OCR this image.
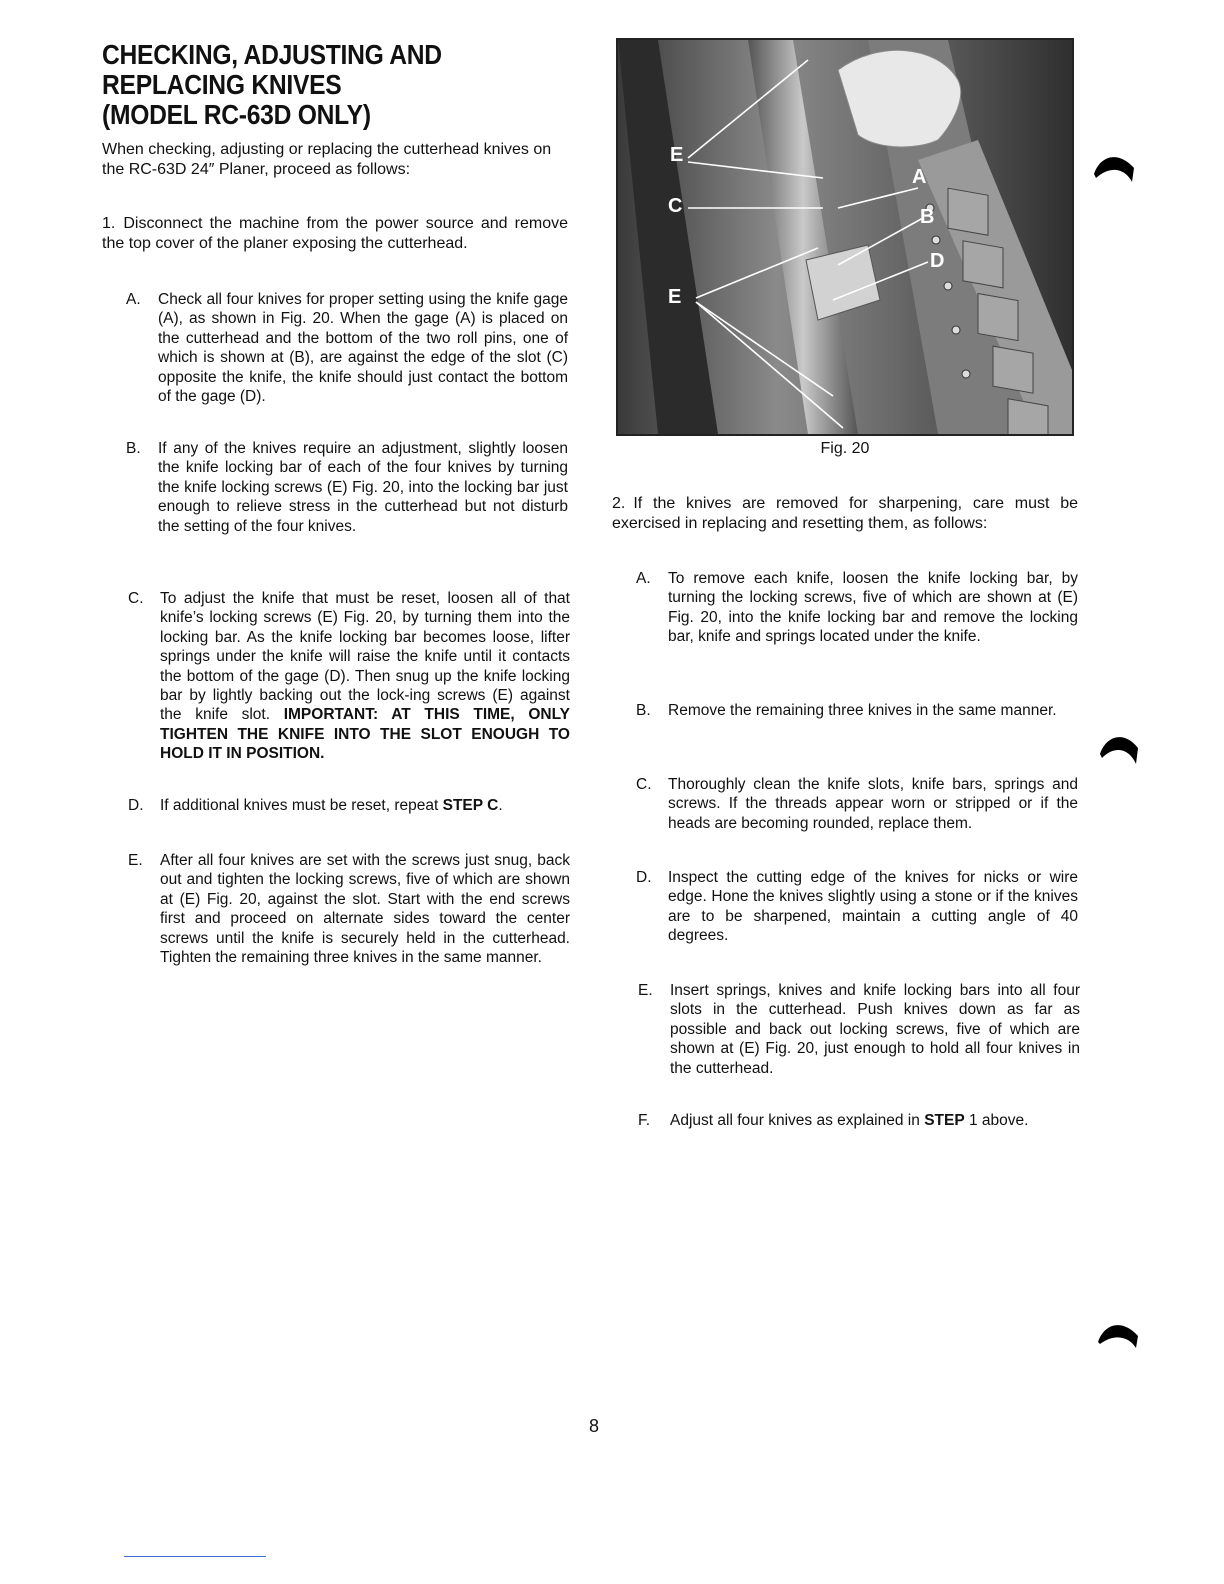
CHECKING, ADJUSTING AND
REPLACING KNIVES
(MODEL RC-63D ONLY)

When checking, adjusting or replacing the cutterhead knives on the RC-63D 24″ Planer, proceed as follows:

1. Disconnect the machine from the power source and remove the top cover of the planer exposing the cutterhead.

A. Check all four knives for proper setting using the knife gage (A), as shown in Fig. 20. When the gage (A) is placed on the cutterhead and the bottom of the two roll pins, one of which is shown at (B), are against the edge of the slot (C) opposite the knife, the knife should just contact the bottom of the gage (D).
B. If any of the knives require an adjustment, slightly loosen the knife locking bar of each of the four knives by turning the knife locking screws (E) Fig. 20, into the locking bar just enough to relieve stress in the cutterhead but not disturb the setting of the four knives.
C. To adjust the knife that must be reset, loosen all of that knife’s locking screws (E) Fig. 20, by turning them into the locking bar. As the knife locking bar becomes loose, lifter springs under the knife will raise the knife until it contacts the bottom of the gage (D). Then snug up the knife locking bar by lightly backing out the lock-ing screws (E) against the knife slot. IMPORTANT: AT THIS TIME, ONLY TIGHTEN THE KNIFE INTO THE SLOT ENOUGH TO HOLD IT IN POSITION.
D. If additional knives must be reset, repeat STEP C.
E. After all four knives are set with the screws just snug, back out and tighten the locking screws, five of which are shown at (E) Fig. 20, against the slot. Start with the end screws first and proceed on alternate sides toward the center screws until the knife is securely held in the cutterhead. Tighten the remaining three knives in the same manner.
E
C
E
A
B
D
Fig. 20

2. If the knives are removed for sharpening, care must be exercised in replacing and resetting them, as follows:

A. To remove each knife, loosen the knife locking bar, by turning the locking screws, five of which are shown at (E) Fig. 20, into the knife locking bar and remove the locking bar, knife and springs located under the knife.
B. Remove the remaining three knives in the same manner.
C. Thoroughly clean the knife slots, knife bars, springs and screws. If the threads appear worn or stripped or if the heads are becoming rounded, replace them.
D. Inspect the cutting edge of the knives for nicks or wire edge. Hone the knives slightly using a stone or if the knives are to be sharpened, maintain a cutting angle of 40 degrees.
E. Insert springs, knives and knife locking bars into all four slots in the cutterhead. Push knives down as far as possible and back out locking screws, five of which are shown at (E) Fig. 20, just enough to hold all four knives in the cutterhead.
F. Adjust all four knives as explained in STEP 1 above.
8
